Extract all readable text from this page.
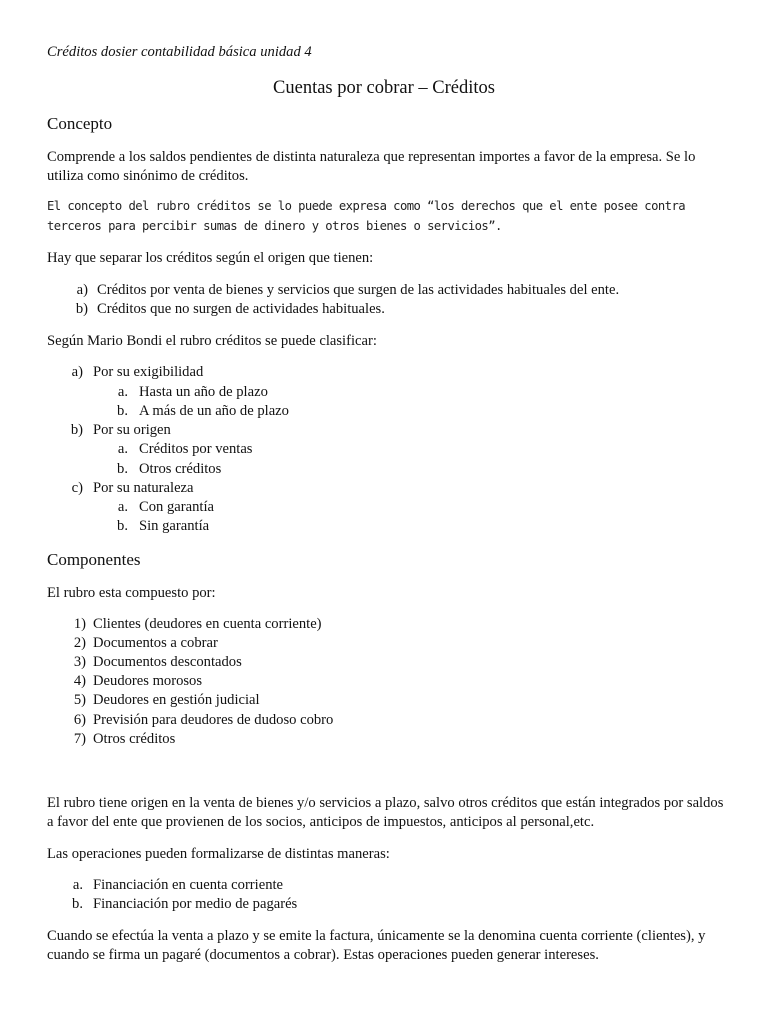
Créditos dosier contabilidad básica unidad 4
Cuentas por cobrar – Créditos
Concepto
Comprende a los saldos pendientes de distinta naturaleza que representan importes a favor de la empresa. Se lo utiliza como sinónimo de créditos.
El concepto del rubro créditos se lo puede expresa como “los derechos que el ente posee contra terceros para percibir sumas de dinero y otros bienes o servicios”.
Hay que separar los créditos según el origen que tienen:
a) Créditos por venta de bienes y servicios que surgen de las actividades habituales del ente.
b) Créditos que no surgen de actividades habituales.
Según Mario Bondi el rubro créditos se puede clasificar:
a) Por su exigibilidad
a. Hasta un año de plazo
b. A más de un año de plazo
b) Por su origen
a. Créditos por ventas
b. Otros créditos
c) Por su naturaleza
a. Con garantía
b. Sin garantía
Componentes
El rubro esta compuesto por:
1) Clientes (deudores en cuenta corriente)
2) Documentos a cobrar
3) Documentos descontados
4) Deudores morosos
5) Deudores en gestión judicial
6) Previsión para deudores de dudoso cobro
7) Otros créditos
El rubro tiene origen en la venta de bienes y/o servicios a plazo, salvo otros créditos que están integrados por saldos a favor del ente que provienen de los socios, anticipos de impuestos, anticipos al personal,etc.
Las operaciones pueden formalizarse de distintas maneras:
a. Financiación en cuenta corriente
b. Financiación por medio de pagarés
Cuando se efectúa la venta a plazo y se emite la factura, únicamente se la denomina cuenta corriente (clientes), y cuando se firma un pagaré (documentos a cobrar). Estas operaciones pueden generar intereses.
